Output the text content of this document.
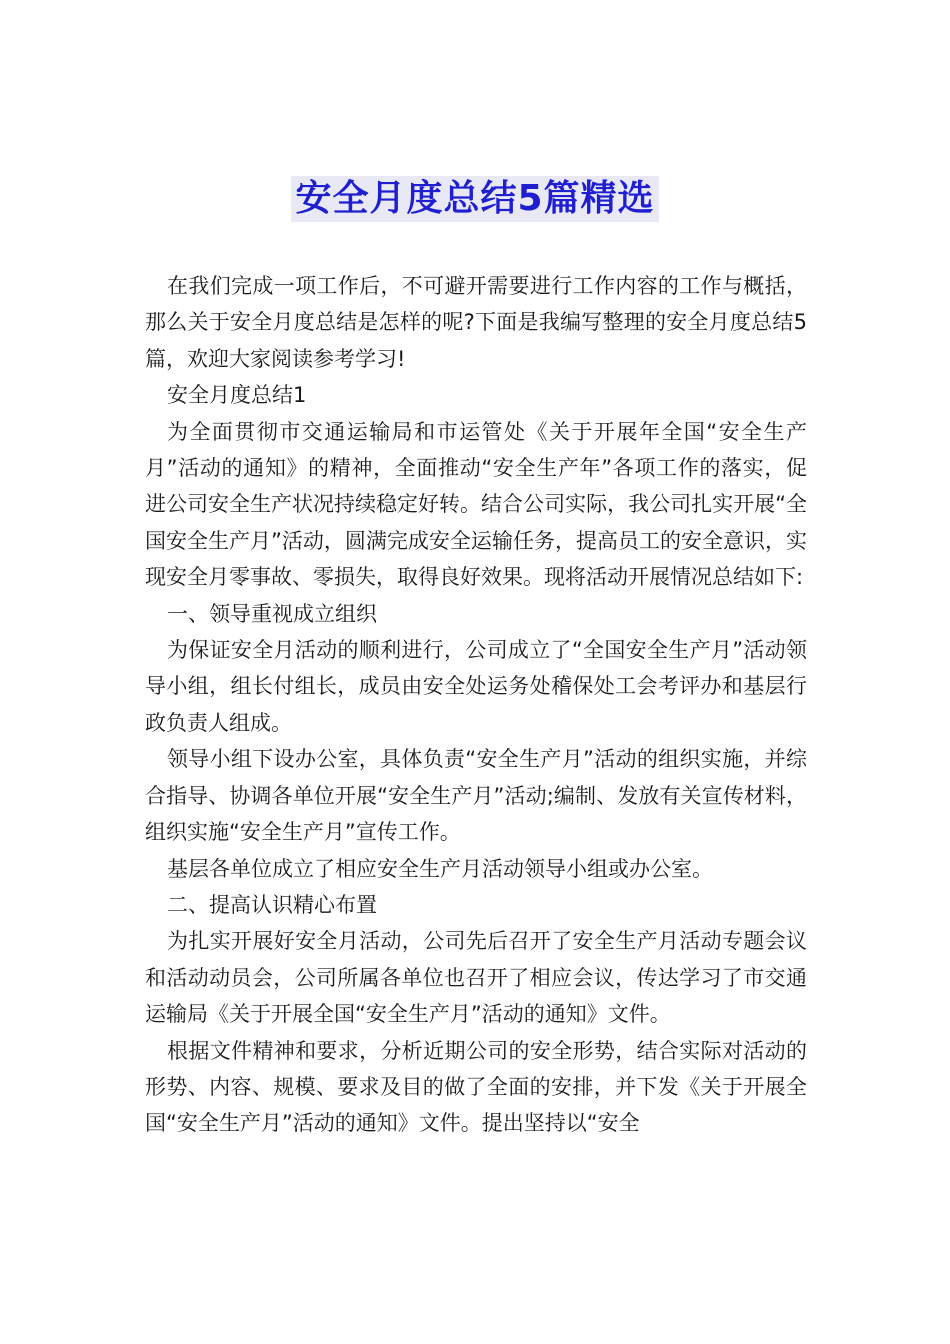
安全月度总结5篇精选

在我们完成一项工作后，不可避开需要进行工作内容的工作与概括，那么关于安全月度总结是怎样的呢?下面是我编写整理的安全月度总结5篇，欢迎大家阅读参考学习!

安全月度总结1

为全面贯彻市交通运输局和市运管处《关于开展年全国“安全生产月”活动的通知》的精神，全面推动“安全生产年”各项工作的落实，促进公司安全生产状况持续稳定好转。结合公司实际，我公司扎实开展“全国安全生产月”活动，圆满完成安全运输任务，提高员工的安全意识，实现安全月零事故、零损失，取得良好效果。现将活动开展情况总结如下:

一、领导重视成立组织

为保证安全月活动的顺利进行，公司成立了“全国安全生产月”活动领导小组，组长付组长，成员由安全处运务处稽保处工会考评办和基层行政负责人组成。

领导小组下设办公室，具体负责“安全生产月”活动的组织实施，并综合指导、协调各单位开展“安全生产月”活动;编制、发放有关宣传材料，组织实施“安全生产月”宣传工作。

基层各单位成立了相应安全生产月活动领导小组或办公室。

二、提高认识精心布置

为扎实开展好安全月活动，公司先后召开了安全生产月活动专题会议和活动动员会，公司所属各单位也召开了相应会议，传达学习了市交通运输局《关于开展全国“安全生产月”活动的通知》文件。

根据文件精神和要求，分析近期公司的安全形势，结合实际对活动的形势、内容、规模、要求及目的做了全面的安排，并下发《关于开展全国“安全生产月”活动的通知》文件。提出坚持以“安全
